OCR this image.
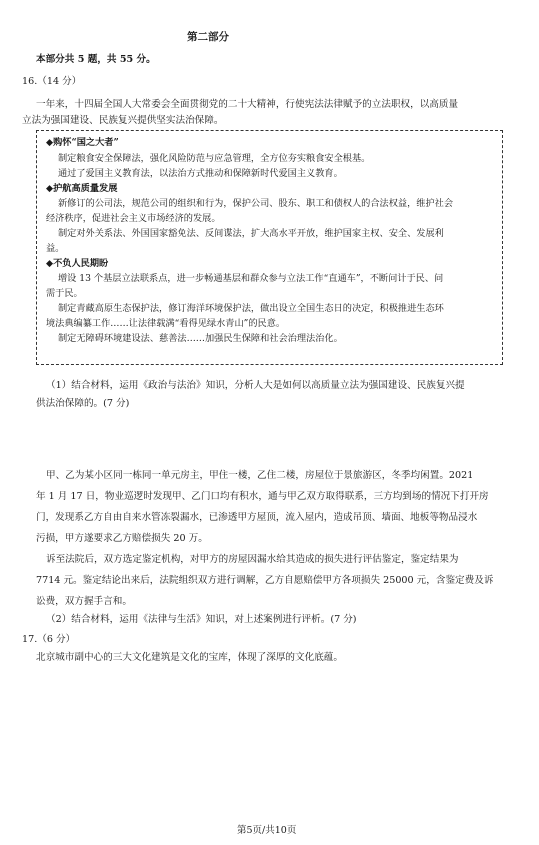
第二部分
本部分共 5 题，共 55 分。
16.（14 分）
一年来，十四届全国人大常委会全面贯彻党的二十大精神，行使宪法法律赋予的立法职权，以高质量
立法为强国建设、民族复兴提供坚实法治保障。
◆购怀“国之大者”
制定粮食安全保障法，强化风险防范与应急管理，全方位夯实粮食安全根基。
通过了爱国主义教育法，以法治方式推动和保障新时代爱国主义教育。
◆护航高质量发展
新修订的公司法，规范公司的组织和行为，保护公司、股东、职工和债权人的合法权益，维护社会
经济秩序，促进社会主义市场经济的发展。
制定对外关系法、外国国家豁免法、反间谍法，扩大高水平开放，维护国家主权、安全、发展利
益。
◆不负人民期盼
增设 13 个基层立法联系点，进一步畅通基层和群众参与立法工作“直通车”，不断问计于民、问
需于民。
制定青藏高原生态保护法，修订海洋环境保护法，做出设立全国生态日的决定，积极推进生态环
境法典编纂工作……让法律载满“看得见绿水青山”的民意。
制定无障碍环境建设法、慈善法……加强民生保障和社会治理法治化。
（1）结合材料，运用《政治与法治》知识，分析人大是如何以高质量立法为强国建设、民族复兴提
供法治保障的。(7 分)
甲、乙为某小区同一栋同一单元房主，甲住一楼，乙住二楼，房屋位于景旅游区，冬季均闲置。2021
年 1 月 17 日，物业巡逻时发现甲、乙门口均有积水，通与甲乙双方取得联系，三方均到场的情况下打开房
门，发现系乙方自由自来水管冻裂漏水，已渗透甲方屋顶，流入屋内，造成吊顶、墙面、地板等物品浸水
污损，甲方遂要求乙方赔偿损失 20 万。
诉至法院后，双方选定鉴定机构，对甲方的房屋因漏水给其造成的损失进行评估鉴定，鉴定结果为
7714 元。鉴定结论出来后，法院组织双方进行调解，乙方自愿赔偿甲方各项损失 25000 元，含鉴定费及诉
讼费，双方握手言和。
（2）结合材料，运用《法律与生活》知识，对上述案例进行评析。(7 分)
17.（6 分）
北京城市副中心的三大文化建筑是文化的宝库，体现了深厚的文化底蕴。
第5页/共10页
